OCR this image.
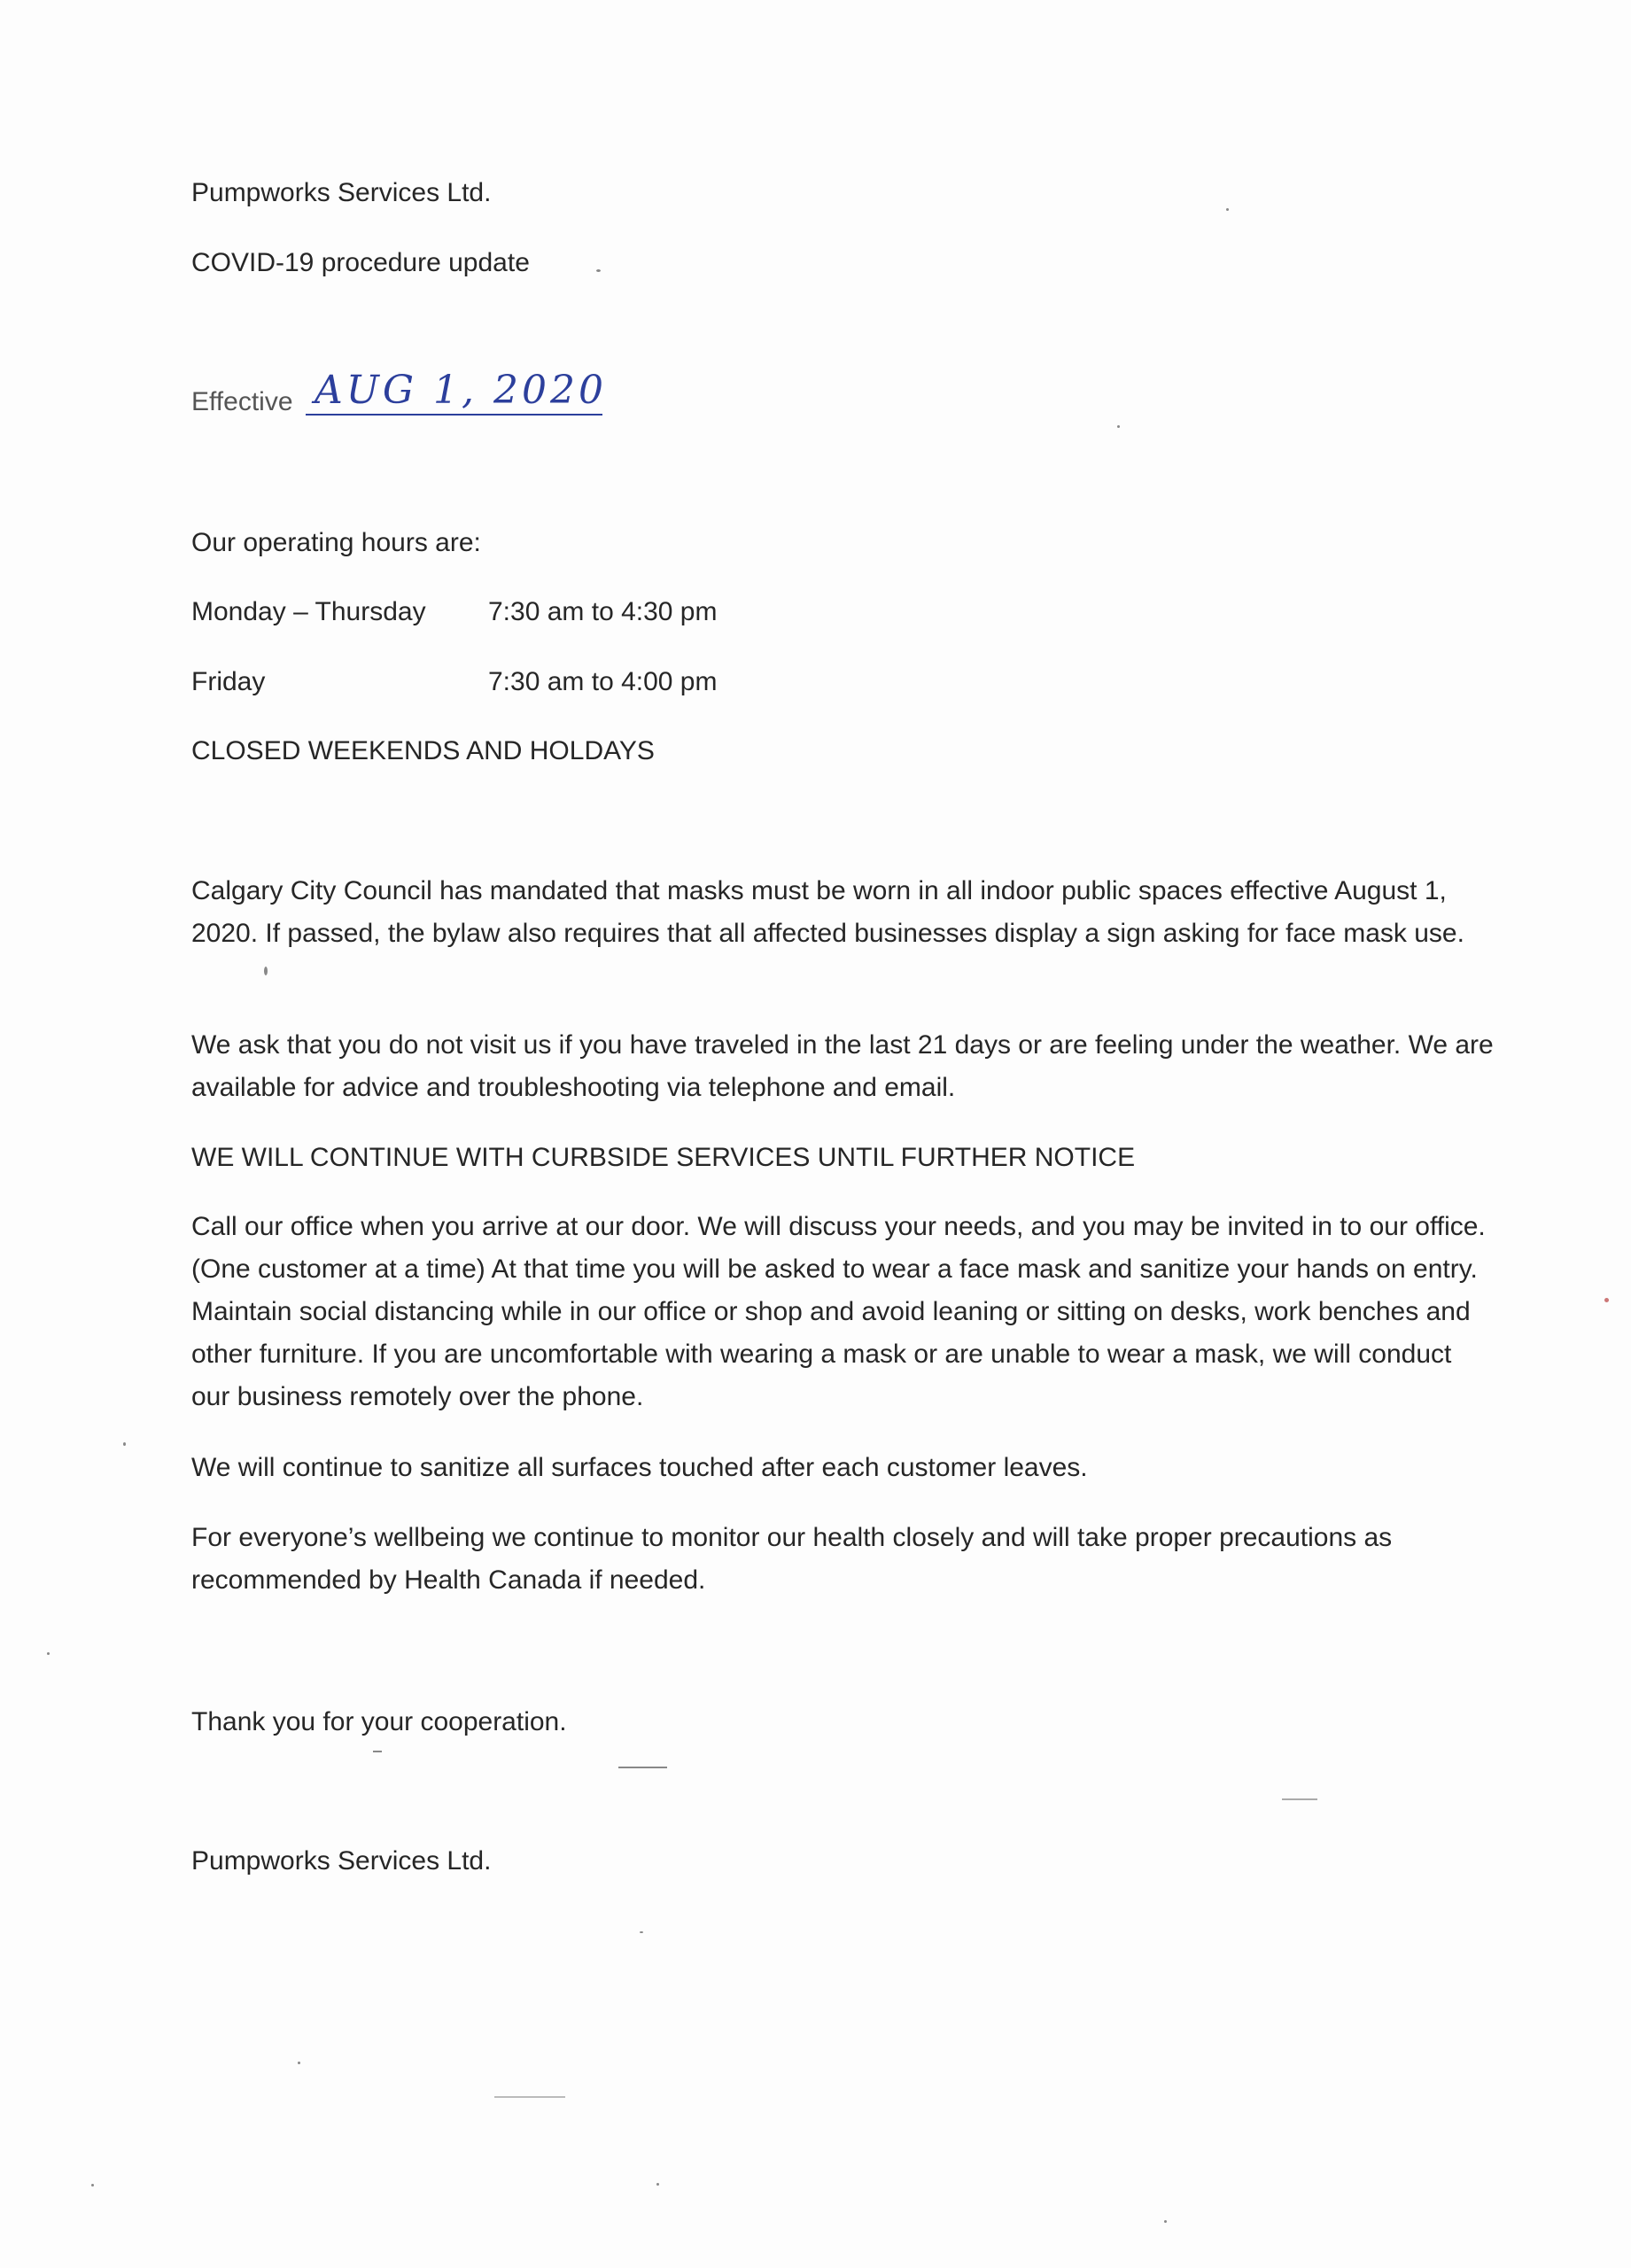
Pumpworks Services Ltd.
COVID-19 procedure update
Effective AUG 1, 2020
Our operating hours are:
Monday – Thursday 7:30 am to 4:30 pm
Friday	7:30 am to 4:00 pm
CLOSED WEEKENDS AND HOLDAYS
Calgary City Council has mandated that masks must be worn in all indoor public spaces effective August 1, 2020. If passed, the bylaw also requires that all affected businesses display a sign asking for face mask use.
We ask that you do not visit us if you have traveled in the last 21 days or are feeling under the weather. We are available for advice and troubleshooting via telephone and email.
WE WILL CONTINUE WITH CURBSIDE SERVICES UNTIL FURTHER NOTICE
Call our office when you arrive at our door. We will discuss your needs, and you may be invited in to our office. (One customer at a time) At that time you will be asked to wear a face mask and sanitize your hands on entry. Maintain social distancing while in our office or shop and avoid leaning or sitting on desks, work benches and other furniture. If you are uncomfortable with wearing a mask or are unable to wear a mask, we will conduct our business remotely over the phone.
We will continue to sanitize all surfaces touched after each customer leaves.
For everyone’s wellbeing we continue to monitor our health closely and will take proper precautions as recommended by Health Canada if needed.
Thank you for your cooperation.
Pumpworks Services Ltd.
